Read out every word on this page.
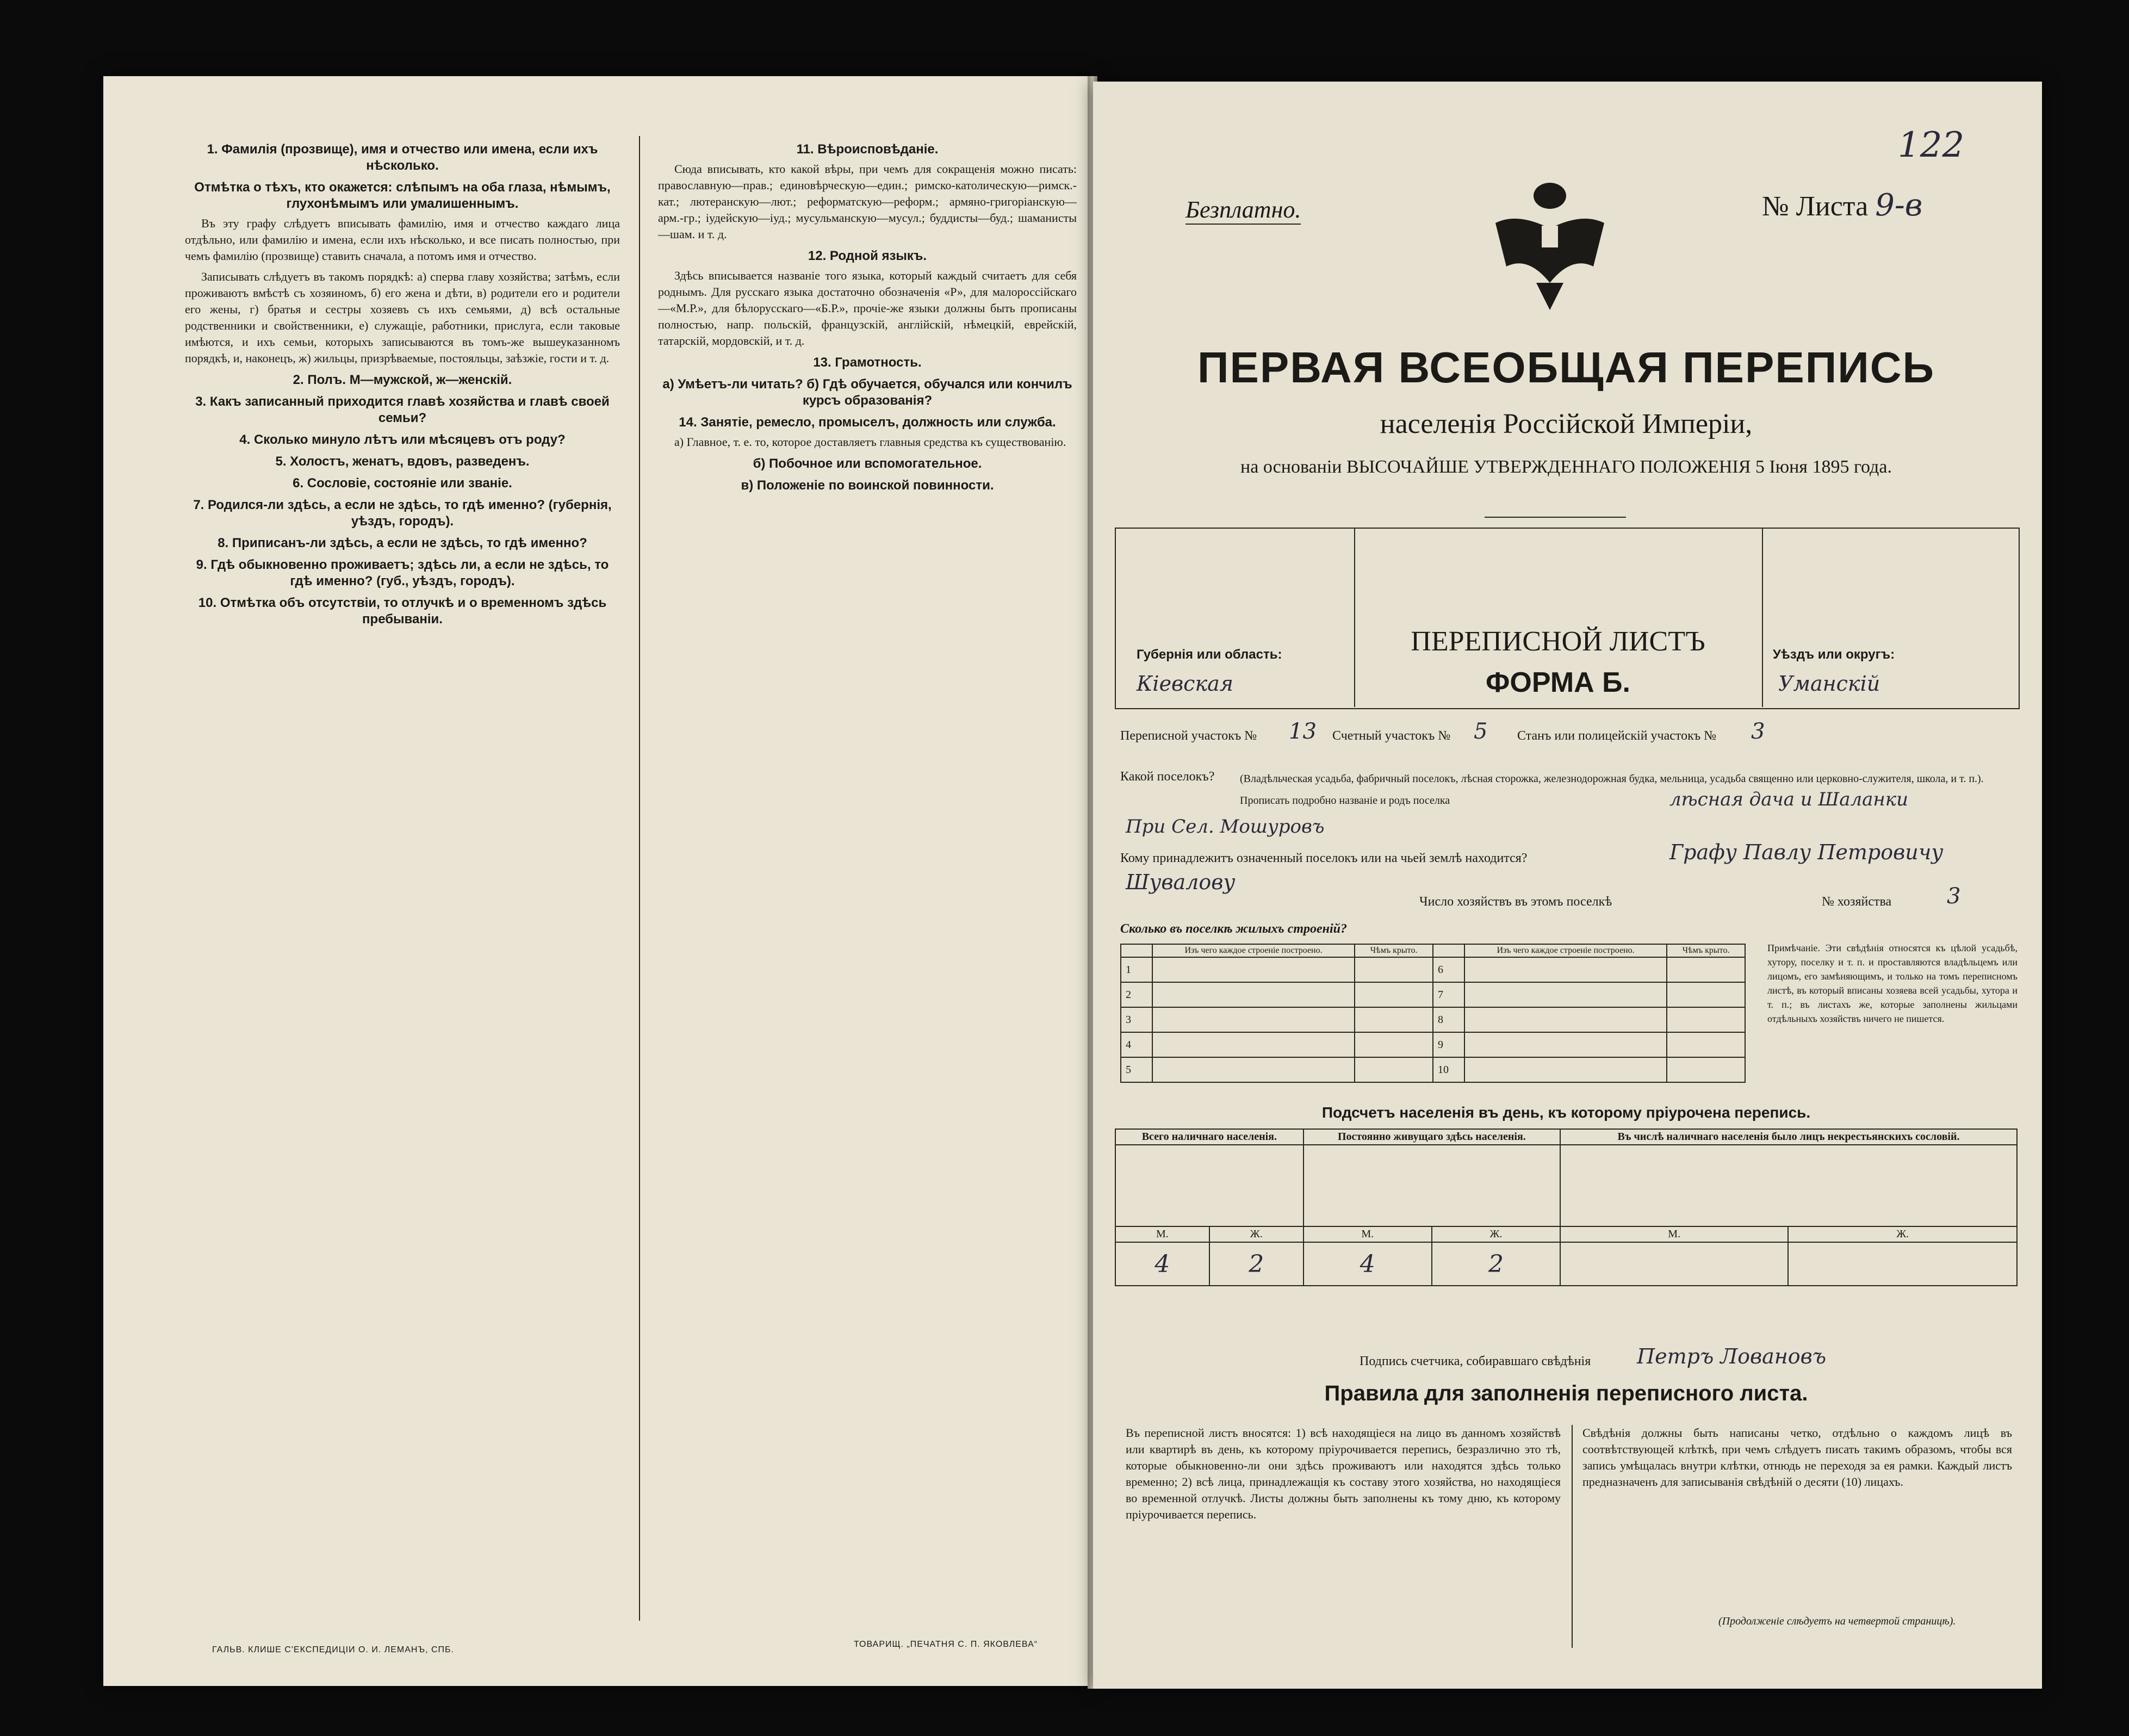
1. Фамилія (прозвище), имя и отчество или имена, если ихъ нѣсколько.
Отмѣтка о тѣхъ, кто окажется: слѣпымъ на оба глаза, нѣмымъ, глухонѣмымъ или умалишеннымъ.

Въ эту графу слѣдуетъ вписывать фамилію, имя и отчество каждаго лица отдѣльно, или фамилію и имена, если ихъ нѣсколько, и все писать полностью, при чемъ фамилію (прозвище) ставить сначала, а потомъ имя и отчество.

Записывать слѣдуетъ въ такомъ порядкѣ: а) сперва главу хозяйства; затѣмъ, если проживаютъ вмѣстѣ съ хозяиномъ, б) его жена и дѣти, в) родители его и родители его жены, г) братья и сестры хозяевъ съ ихъ семьями, д) всѣ остальные родственники и свойственники, е) служащіе, работники, прислуга, если таковые имѣются, и ихъ семьи, которыхъ записываются въ томъ-же вышеуказанномъ порядкѣ, и, наконецъ, ж) жильцы, призрѣваемые, постояльцы, заѣзжіе, гости и т. д.

2. Полъ. М—мужской, ж—женскій.
3. Какъ записанный приходится главѣ хозяйства и главѣ своей семьи?
4. Сколько минуло лѣтъ или мѣсяцевъ отъ роду?
5. Холостъ, женатъ, вдовъ, разведенъ.
6. Сословіе, состояніе или званіе.
7. Родился-ли здѣсь, а если не здѣсь, то гдѣ именно? (губернія, уѣздъ, городъ).
8. Приписанъ-ли здѣсь, а если не здѣсь, то гдѣ именно?
9. Гдѣ обыкновенно проживаетъ; здѣсь ли, а если не здѣсь, то гдѣ именно? (губ., уѣздъ, городъ).
10. Отмѣтка объ отсутствіи, то отлучкѣ и о временномъ здѣсь пребываніи.
11. Вѣроисповѣданіе.

Сюда вписывать, кто какой вѣры, при чемъ для сокращенія можно писать: православную—прав.; единовѣрческую—един.; римско-католическую—римск.-кат.; лютеранскую—лют.; реформатскую—реформ.; армяно-григоріанскую—арм.-гр.; іудейскую—іуд.; мусульманскую—мусул.; буддисты—буд.; шаманисты—шам. и т. д.

12. Родной языкъ.

Здѣсь вписывается названіе того языка, который каждый считаетъ для себя роднымъ. Для русскаго языка достаточно обозначенія «Р», для малороссійскаго—«М.Р.», для бѣлорусскаго—«Б.Р.», прочіе-же языки должны быть прописаны полностью, напр. польскій, французскій, англійскій, нѣмецкій, еврейскій, татарскій, мордовскій, и т. д.

13. Грамотность.
а) Умѣетъ-ли читать? б) Гдѣ обучается, обучался или кончилъ курсъ образованія?
14. Занятіе, ремесло, промыселъ, должность или служба.

а) Главное, т. е. то, которое доставляетъ главныя средства къ существованію.

б) Побочное или вспомогательное.
в) Положеніе по воинской повинности.
ГАЛЬВ. КЛИШЕ С'ЕКСПЕДИЦІИ О. И. ЛЕМАНЪ, СПБ.
ТОВАРИЩ. „ПЕЧАТНЯ С. П. ЯКОВЛЕВА“
122
Безплатно.	№ Листа 9-в
ПЕРВАЯ ВСЕОБЩАЯ ПЕРЕПИСЬ
населенія Россійской Имперіи,
на основаніи ВЫСОЧАЙШЕ УТВЕРЖДЕННАГО ПОЛОЖЕНІЯ 5 Іюня 1895 года.
Губернія или область:
Кіевская
ПЕРЕПИСНОЙ ЛИСТЪ
ФОРМА Б.
Уѣздъ или округъ:
Уманскій
Переписной участокъ № 13 Счетный участокъ № 5 Станъ или полицейскій участокъ № 3
Какой поселокъ? (Владѣльческая усадьба, фабричный поселокъ, лѣсная сторожка, железнодорожная будка, мельница, усадьба священно или церковно-служителя, школа, и т. п.). Прописать подробно названіе и родъ поселка	лѣсная дача и Шаланки
При Сел. Мошуровъ
Кому принадлежитъ означенный поселокъ или на чьей землѣ находится?	Графу Павлу Петровичу
Шувалову
Число хозяйствъ въ этомъ поселкѣ	№ хозяйства	3
Сколько въ поселкѣ жилыхъ строеній?
	Изъ чего каждое строеніе построено.	Чѣмъ крыто.		Изъ чего каждое строеніе построено.	Чѣмъ крыто.
1			6		
2			7		
3			8		
4			9		
5			10		
Примѣчаніе. Эти свѣдѣнія относятся къ цѣлой усадьбѣ, хутору, поселку и т. п. и проставляются владѣльцемъ или лицомъ, его замѣняющимъ, и только на томъ переписномъ листѣ, въ который вписаны хозяева всей усадьбы, хутора и т. п.; въ листахъ же, которые заполнены жильцами отдѣльныхъ хозяйствъ ничего не пишется.
Подсчетъ населенія въ день, къ которому пріурочена перепись.
Всего наличнаго населенія.		Постоянно живущаго здѣсь населенія.		Въ числѣ наличнаго населенія было лицъ некрестьянскихъ сословій.	

М.	Ж.	М.	Ж.	М.	Ж.
4	2	4	2		
Подпись счетчика, собиравшаго свѣдѣнія Петръ Ловановъ
Правила для заполненія переписного листа.
Въ переписной листъ вносятся: 1) всѣ находящіеся на лицо въ данномъ хозяйствѣ или квартирѣ въ день, къ которому пріурочивается перепись, безразлично это тѣ, которые обыкновенно-ли они здѣсь проживаютъ или находятся здѣсь только временно; 2) всѣ лица, принадлежащія къ составу этого хозяйства, но находящіеся во временной отлучкѣ. Листы должны быть заполнены къ тому дню, къ которому пріурочивается перепись.
Свѣдѣнія должны быть написаны четко, отдѣльно о каждомъ лицѣ въ соотвѣтствующей клѣткѣ, при чемъ слѣдуетъ писать такимъ образомъ, чтобы вся запись умѣщалась внутри клѣтки, отнюдь не переходя за ея рамки. Каждый листъ предназначенъ для записыванія свѣдѣній о десяти (10) лицахъ.
(Продолженіе слѣдуетъ на четвертой страницѣ).
